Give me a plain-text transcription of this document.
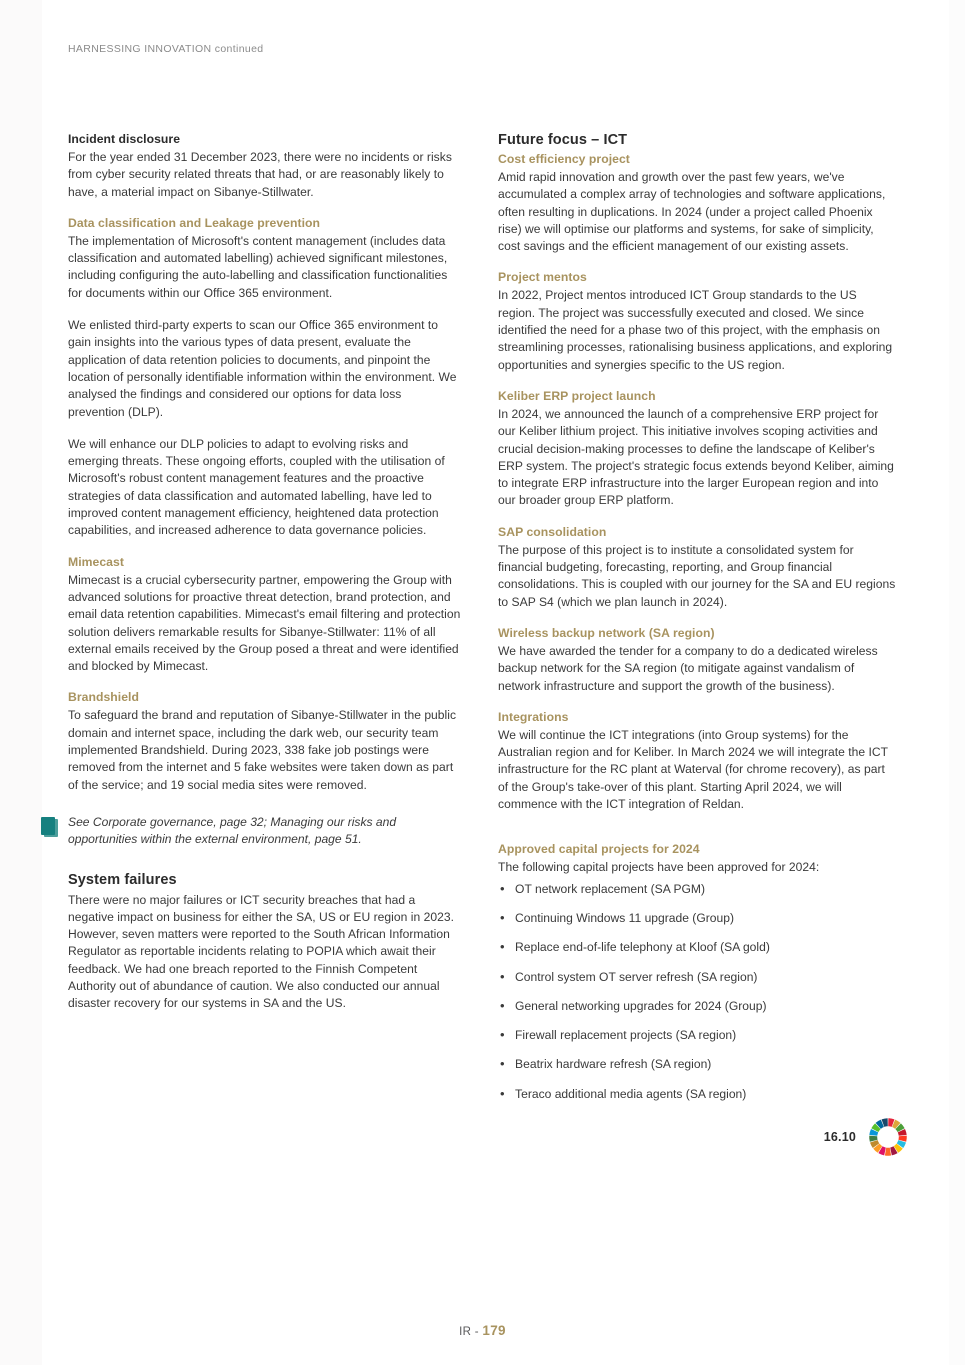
HARNESSING INNOVATION continued
Incident disclosure

For the year ended 31 December 2023, there were no incidents or risks from cyber security related threats that had, or are reasonably likely to have, a material impact on Sibanye-Stillwater.

Data classification and Leakage prevention

The implementation of Microsoft's content management (includes data classification and automated labelling) achieved significant milestones, including configuring the auto-labelling and classification functionalities for documents within our Office 365 environment.

We enlisted third-party experts to scan our Office 365 environment to gain insights into the various types of data present, evaluate the application of data retention policies to documents, and pinpoint the location of personally identifiable information within the environment. We analysed the findings and considered our options for data loss prevention (DLP).

We will enhance our DLP policies to adapt to evolving risks and emerging threats. These ongoing efforts, coupled with the utilisation of Microsoft's robust content management features and the proactive strategies of data classification and automated labelling, have led to improved content management efficiency, heightened data protection capabilities, and increased adherence to data governance policies.

Mimecast

Mimecast is a crucial cybersecurity partner, empowering the Group with advanced solutions for proactive threat detection, brand protection, and email data retention capabilities. Mimecast's email filtering and protection solution delivers remarkable results for Sibanye-Stillwater: 11% of all external emails received by the Group posed a threat and were identified and blocked by Mimecast.

Brandshield

To safeguard the brand and reputation of Sibanye-Stillwater in the public domain and internet space, including the dark web, our security team implemented Brandshield. During 2023, 338 fake job postings were removed from the internet and 5 fake websites were taken down as part of the service; and 19 social media sites were removed.

See Corporate governance, page 32; Managing our risks and opportunities within the external environment, page 51.
System failures

There were no major failures or ICT security breaches that had a negative impact on business for either the SA, US or EU region in 2023. However, seven matters were reported to the South African Information Regulator as reportable incidents relating to POPIA which await their feedback. We had one breach reported to the Finnish Competent Authority out of abundance of caution. We also conducted our annual disaster recovery for our systems in SA and the US.

Future focus – ICT
Cost efficiency project

Amid rapid innovation and growth over the past few years, we've accumulated a complex array of technologies and software applications, often resulting in duplications. In 2024 (under a project called Phoenix rise) we will optimise our platforms and systems, for sake of simplicity, cost savings and the efficient management of our existing assets.

Project mentos

In 2022, Project mentos introduced ICT Group standards to the US region. The project was successfully executed and closed. We since identified the need for a phase two of this project, with the emphasis on streamlining processes, rationalising business applications, and exploring opportunities and synergies specific to the US region.

Keliber ERP project launch

In 2024, we announced the launch of a comprehensive ERP project for our Keliber lithium project. This initiative involves scoping activities and crucial decision-making processes to define the landscape of Keliber's ERP system. The project's strategic focus extends beyond Keliber, aiming to integrate ERP infrastructure into the larger European region and into our broader group ERP platform.

SAP consolidation

The purpose of this project is to institute a consolidated system for financial budgeting, forecasting, reporting, and Group financial consolidations. This is coupled with our journey for the SA and EU regions to SAP S4 (which we plan launch in 2024).

Wireless backup network (SA region)

We have awarded the tender for a company to do a dedicated wireless backup network for the SA region (to mitigate against vandalism of network infrastructure and support the growth of the business).

Integrations

We will continue the ICT integrations (into Group systems) for the Australian region and for Keliber. In March 2024 we will integrate the ICT infrastructure for the RC plant at Waterval (for chrome recovery), as part of the Group's take-over of this plant. Starting April 2024, we will commence with the ICT integration of Reldan.

Approved capital projects for 2024

The following capital projects have been approved for 2024:

• OT network replacement (SA PGM)
• Continuing Windows 11 upgrade (Group)
• Replace end-of-life telephony at Kloof (SA gold)
• Control system OT server refresh (SA region)
• General networking upgrades for 2024 (Group)
• Firewall replacement projects (SA region)
• Beatrix hardware refresh (SA region)
• Teraco additional media agents (SA region)
16.10
IR - 179
